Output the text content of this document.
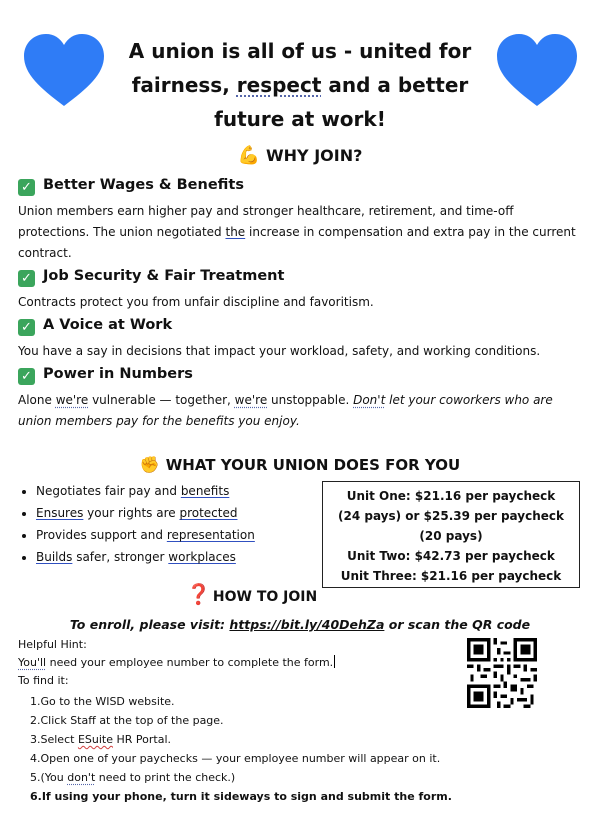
A union is all of us - united for
fairness, respect and a better
future at work!
💪 WHY JOIN?
✓ Better Wages & Benefits
Union members earn higher pay and stronger healthcare, retirement, and time-off protections. The union negotiated the increase in compensation and extra pay in the current contract.
✓ Job Security & Fair Treatment
Contracts protect you from unfair discipline and favoritism.
✓ A Voice at Work
You have a say in decisions that impact your workload, safety, and working conditions.
✓ Power in Numbers
Alone we're vulnerable — together, we're unstoppable. Don't let your coworkers who are union members pay for the benefits you enjoy.
✊ WHAT YOUR UNION DOES FOR YOU
• Negotiates fair pay and benefits
• Ensures your rights are protected
• Provides support and representation
• Builds safer, stronger workplaces
Unit One: $21.16 per paycheck
(24 pays) or $25.39 per paycheck
(20 pays)
Unit Two: $42.73 per paycheck
Unit Three: $21.16 per paycheck
❓ HOW TO JOIN
To enroll, please visit: https://bit.ly/40DehZa or scan the QR code
Helpful Hint:
You'll need your employee number to complete the form.
To find it:
1.Go to the WISD website.
2.Click Staff at the top of the page.
3.Select ESuite HR Portal.
4.Open one of your paychecks — your employee number will appear on it.
5.(You don't need to print the check.)
6.If using your phone, turn it sideways to sign and submit the form.
